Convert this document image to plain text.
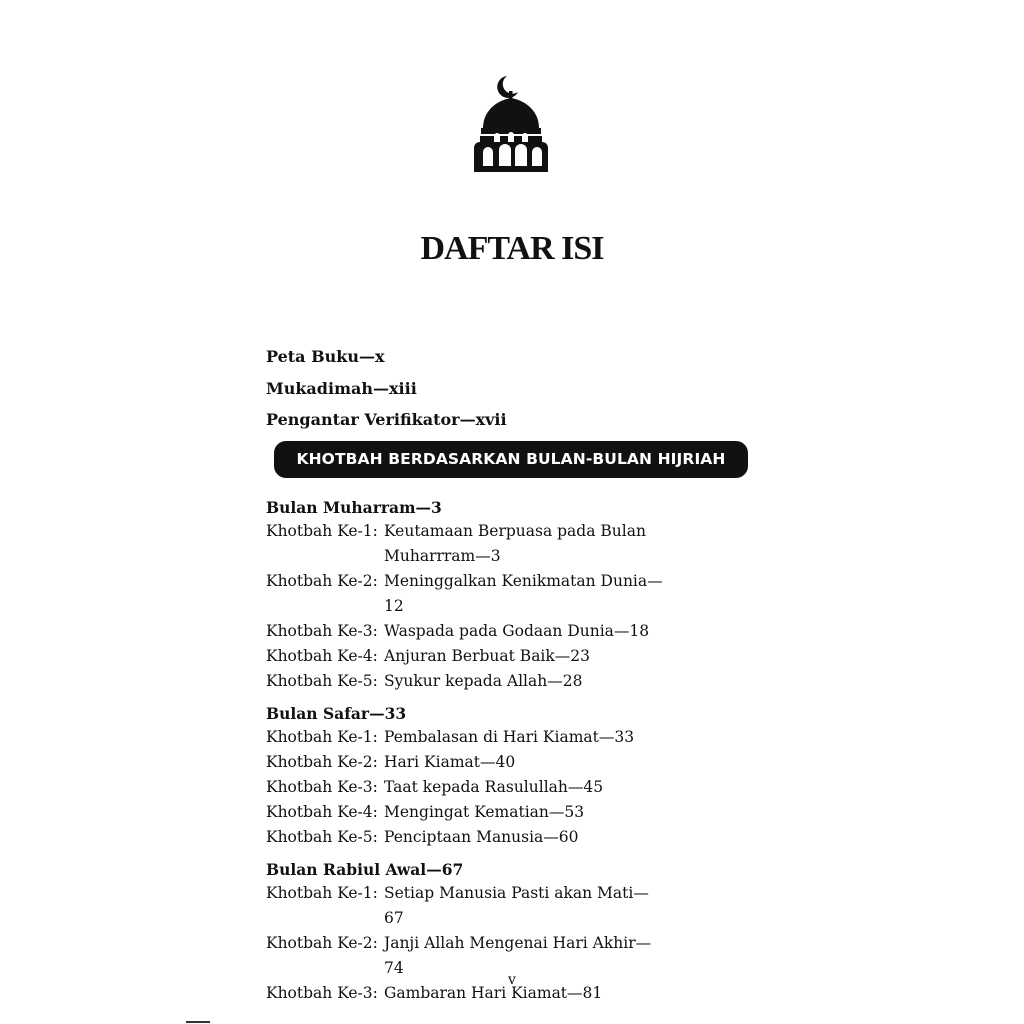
DAFTAR ISI
Peta Buku—x
Mukadimah—xiii
Pengantar Verifikator—xvii
KHOTBAH BERDASARKAN BULAN-BULAN HIJRIAH
Bulan Muharram—3
Khotbah Ke-1: Keutamaan Berpuasa pada Bulan Muharrram—3
Khotbah Ke-2: Meninggalkan Kenikmatan Dunia—12
Khotbah Ke-3: Waspada pada Godaan Dunia—18
Khotbah Ke-4: Anjuran Berbuat Baik—23
Khotbah Ke-5: Syukur kepada Allah—28
Bulan Safar—33
Khotbah Ke-1: Pembalasan di Hari Kiamat—33
Khotbah Ke-2: Hari Kiamat—40
Khotbah Ke-3: Taat kepada Rasulullah—45
Khotbah Ke-4: Mengingat Kematian—53
Khotbah Ke-5: Penciptaan Manusia—60
Bulan Rabiul Awal—67
Khotbah Ke-1: Setiap Manusia Pasti akan Mati—67
Khotbah Ke-2: Janji Allah Mengenai Hari Akhir—74
Khotbah Ke-3: Gambaran Hari Kiamat—81
v
